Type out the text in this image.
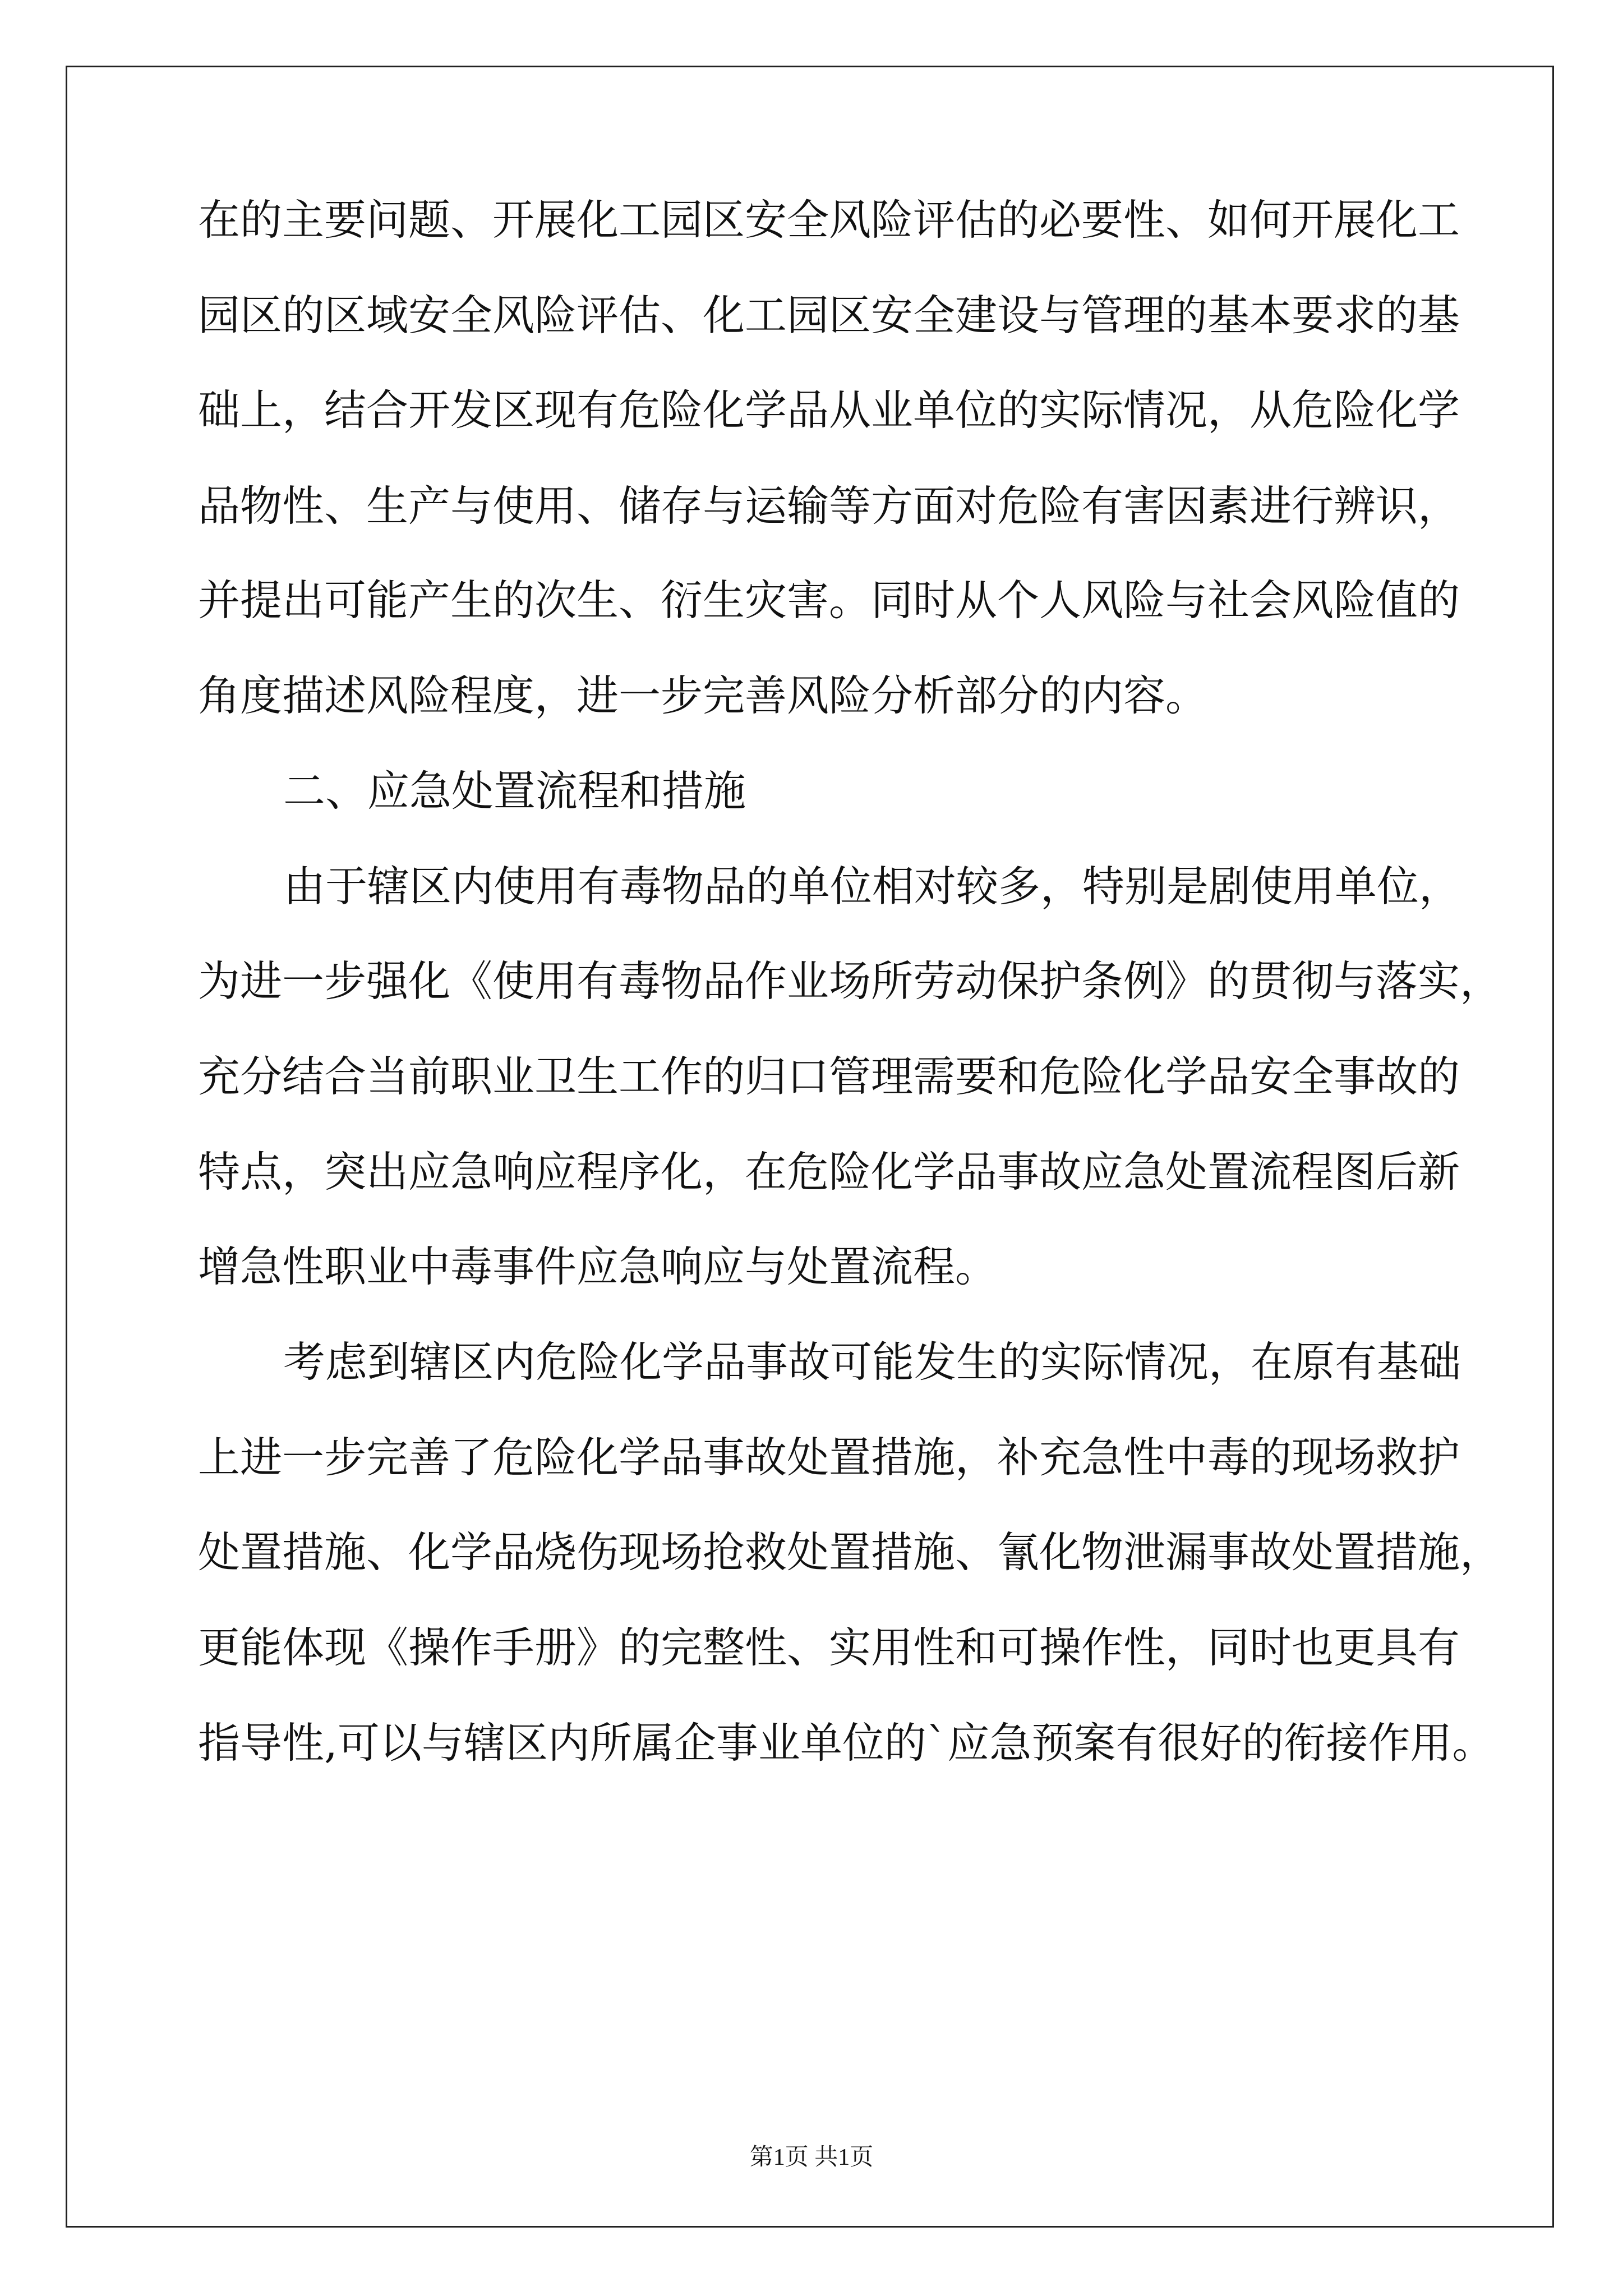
在的主要问题、开展化工园区安全风险评估的必要性、如何开展化工
园区的区域安全风险评估、化工园区安全建设与管理的基本要求的基
础上，结合开发区现有危险化学品从业单位的实际情况，从危险化学
品物性、生产与使用、储存与运输等方面对危险有害因素进行辨识，
并提出可能产生的次生、衍生灾害。同时从个人风险与社会风险值的
角度描述风险程度，进一步完善风险分析部分的内容。
二、应急处置流程和措施
由于辖区内使用有毒物品的单位相对较多，特别是剧使用单位，
为进一步强化《使用有毒物品作业场所劳动保护条例》的贯彻与落实，
充分结合当前职业卫生工作的归口管理需要和危险化学品安全事故的
特点，突出应急响应程序化，在危险化学品事故应急处置流程图后新
增急性职业中毒事件应急响应与处置流程。
考虑到辖区内危险化学品事故可能发生的实际情况，在原有基础
上进一步完善了危险化学品事故处置措施，补充急性中毒的现场救护
处置措施、化学品烧伤现场抢救处置措施、氰化物泄漏事故处置措施，
更能体现《操作手册》的完整性、实用性和可操作性，同时也更具有
指导性,可以与辖区内所属企事业单位的`应急预案有很好的衔接作用。
第1页 共1页
